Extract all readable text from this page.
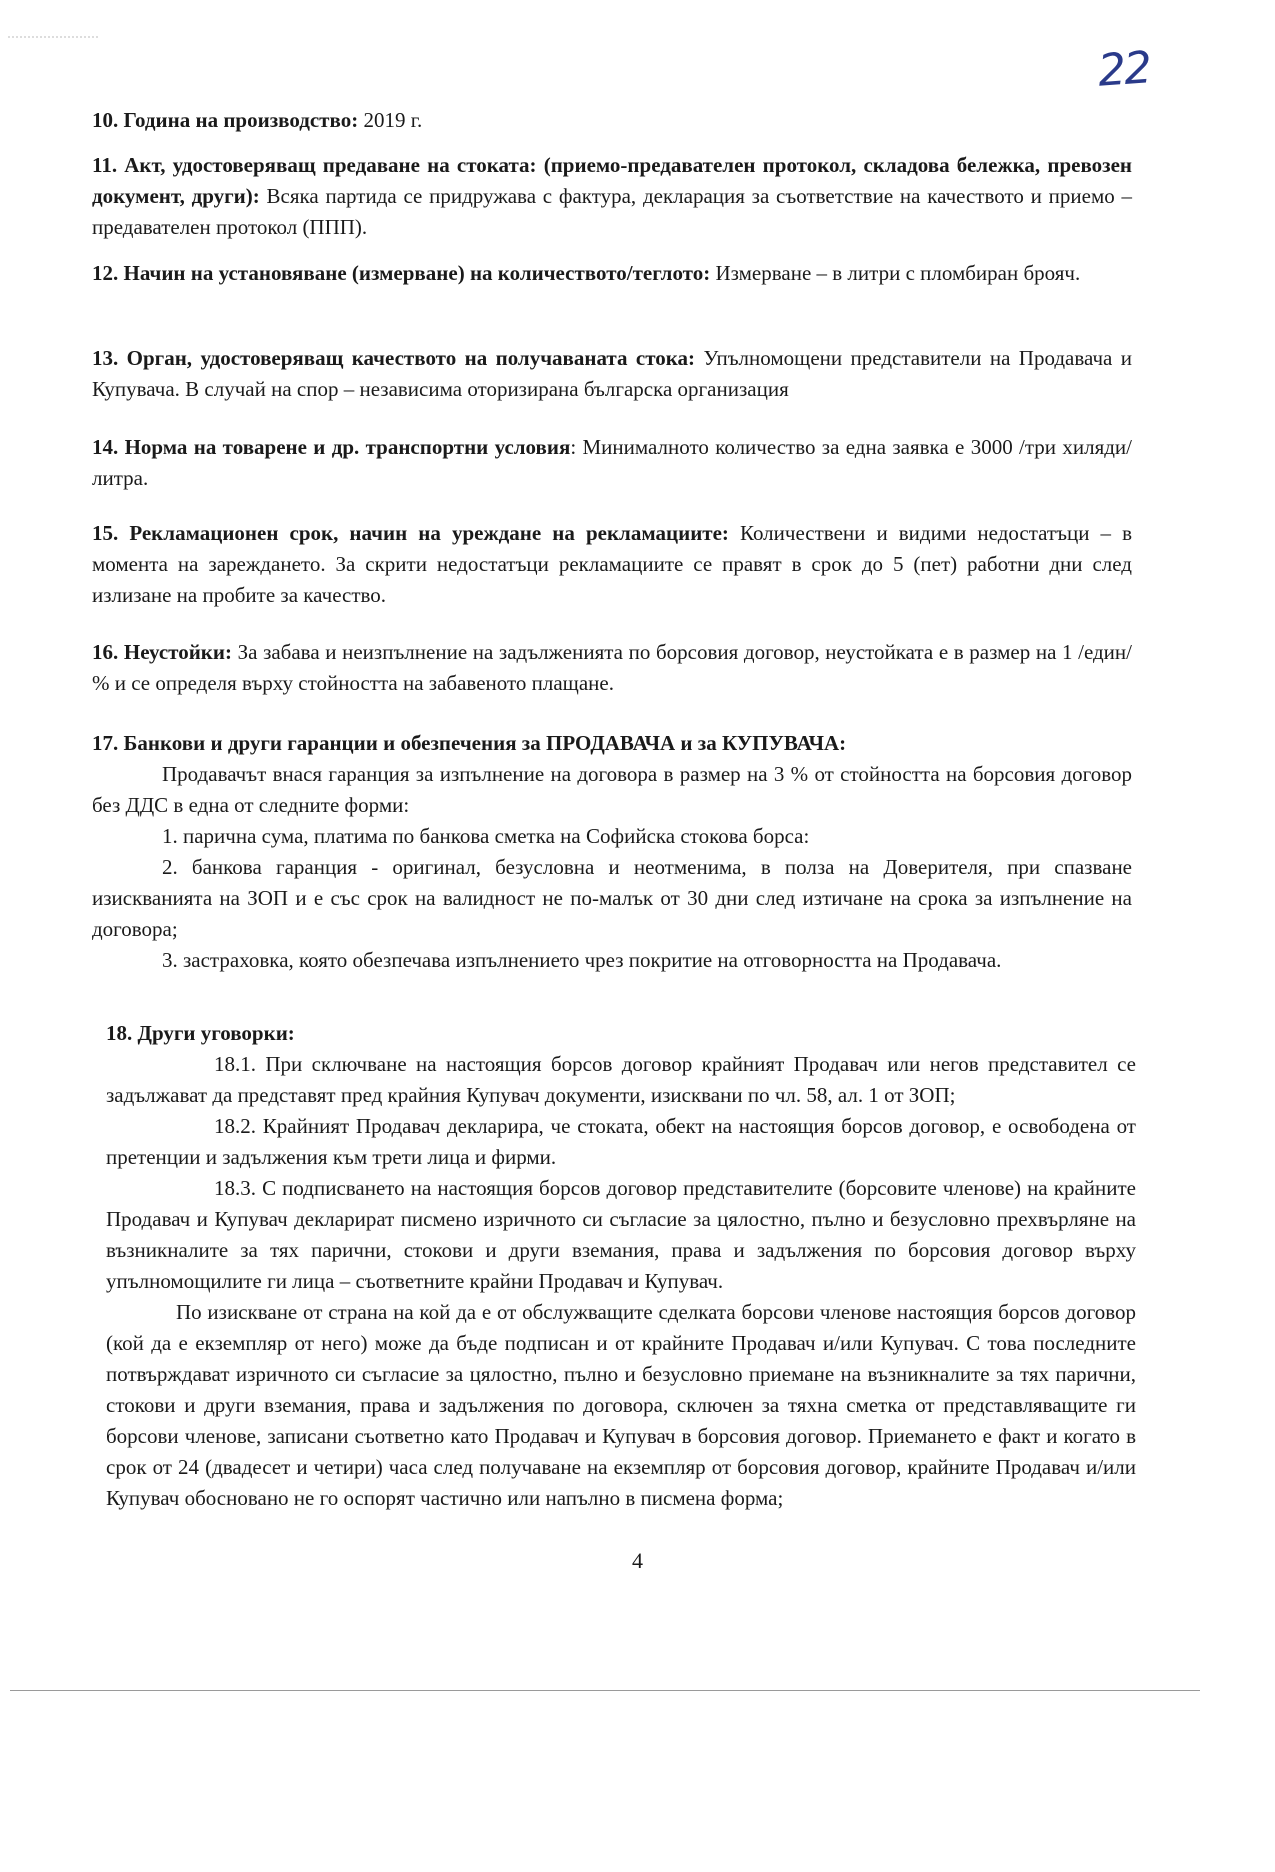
22

10. Година на производство: 2019 г.

11. Акт, удостоверяващ предаване на стоката: (приемо-предавателен протокол, складова бележка, превозен документ, други): Всяка партида се придружава с фактура, декларация за съответствие на качеството и приемо – предавателен протокол (ППП).

12. Начин на установяване (измерване) на количеството/теглото: Измерване – в литри с пломбиран брояч.

13. Орган, удостоверяващ качеството на получаваната стока: Упълномощени представители на Продавача и Купувача. В случай на спор – независима оторизирана българска организация

14. Норма на товарене и др. транспортни условия: Минималното количество за една заявка е 3000 /три хиляди/ литра.

15. Рекламационен срок, начин на уреждане на рекламациите: Количествени и видими недостатъци – в момента на зареждането. За скрити недостатъци рекламациите се правят в срок до 5 (пет) работни дни след излизане на пробите за качество.

16. Неустойки: За забава и неизпълнение на задълженията по борсовия договор, неустойката е в размер на 1 /един/ % и се определя върху стойността на забавеното плащане.

17. Банкови и други гаранции и обезпечения за ПРОДАВАЧА и за КУПУВАЧА:

Продавачът внася гаранция за изпълнение на договора в размер на 3 % от стойността на борсовия договор без ДДС в една от следните форми:

1. парична сума, платима по банкова сметка на Софийска стокова борса:

2. банкова гаранция - оригинал, безусловна и неотменима, в полза на Доверителя, при спазване изискванията на ЗОП и е със срок на валидност не по-малък от 30 дни след изтичане на срока за изпълнение на договора;

3. застраховка, която обезпечава изпълнението чрез покритие на отговорността на Продавача.

18. Други уговорки:

18.1. При сключване на настоящия борсов договор крайният Продавач или негов представител се задължават да представят пред крайния Купувач документи, изисквани по чл. 58, ал. 1 от ЗОП;

18.2. Крайният Продавач декларира, че стоката, обект на настоящия борсов договор, е освободена от претенции и задължения към трети лица и фирми.

18.3. С подписването на настоящия борсов договор представителите (борсовите членове) на крайните Продавач и Купувач декларират писмено изричното си съгласие за цялостно, пълно и безусловно прехвърляне на възникналите за тях парични, стокови и други вземания, права и задължения по борсовия договор върху упълномощилите ги лица – съответните крайни Продавач и Купувач.

По изискване от страна на кой да е от обслужващите сделката борсови членове настоящия борсов договор (кой да е екземпляр от него) може да бъде подписан и от крайните Продавач и/или Купувач. С това последните потвърждават изричното си съгласие за цялостно, пълно и безусловно приемане на възникналите за тях парични, стокови и други вземания, права и задължения по договора, сключен за тяхна сметка от представляващите ги борсови членове, записани съответно като Продавач и Купувач в борсовия договор. Приемането е факт и когато в срок от 24 (двадесет и четири) часа след получаване на екземпляр от борсовия договор, крайните Продавач и/или Купувач обосновано не го оспорят частично или напълно в писмена форма;

4
